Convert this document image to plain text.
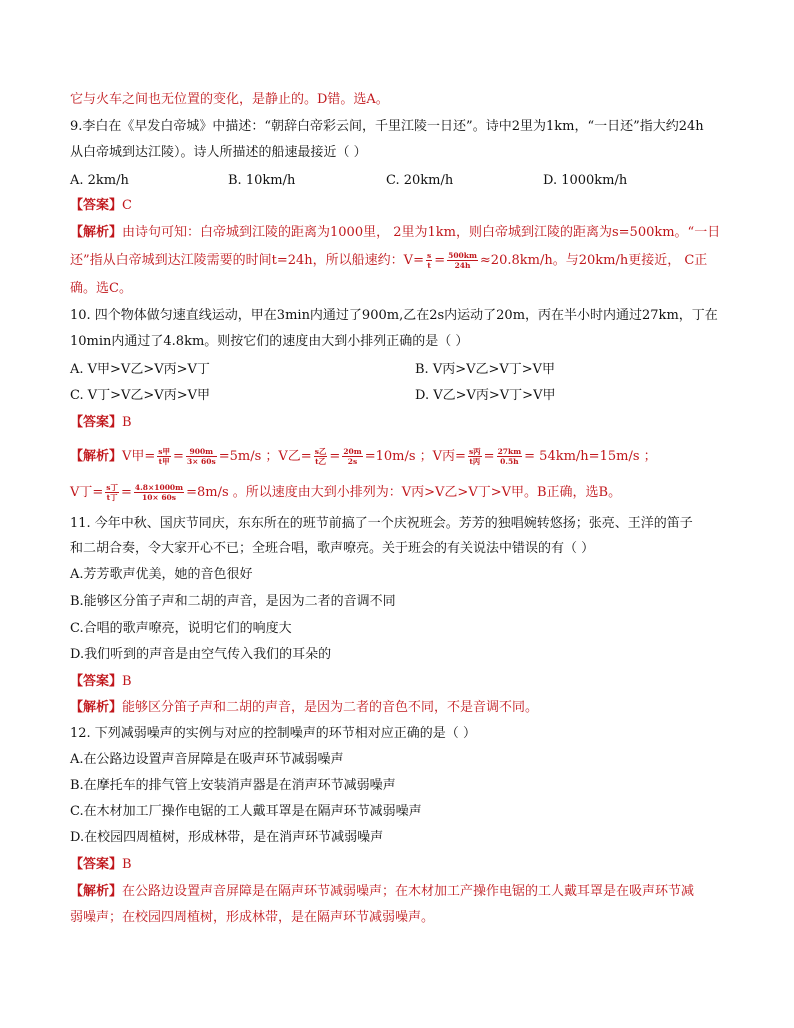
它与火车之间也无位置的变化，是静止的。D错。选A。
9.李白在《早发白帝城》中描述：“朝辞白帝彩云间，千里江陵一日还”。诗中2里为1km，“一日还”指大约24h
从白帝城到达江陵）。诗人所描述的船速最接近（ ）
A. 2km/h	B. 10km/h	C. 20km/h	D. 1000km/h
【答案】C
【解析】由诗句可知：白帝城到江陵的距离为1000里， 2里为1km，则白帝城到江陵的距离为s=500km。“一日
还”指从白帝城到达江陵需要的时间t=24h，所以船速约：$V= \frac{s}{t} = \frac{500km}{24h} \approx 20.8km/h$。与20km/h更接近， C正
确。选C。
10. 四个物体做匀速直线运动，甲在3min内通过了900m,乙在2s内运动了20m，丙在半小时内通过27km，丁在
10min内通过了4.8km。则按它们的速度由大到小排列正确的是（ ）
A. V甲>V乙>V丙>V丁	B. V丙>V乙>V丁>V甲
C. V丁>V乙>V丙>V甲	D. V乙>V丙>V丁>V甲
【答案】B
【解析】V甲= $\frac{\text{s甲}}{\text{t甲}} = \frac{900m}{3\times 60s} =5m/s$ ；V乙= $\frac{\text{s乙}}{\text{t乙}} = \frac{20m}{2s} =10m/s$ ；V丙= $\frac{\text{s丙}}{\text{t丙}} = \frac{27km}{0.5h} = 54km/h=15m/s$ ；
V丁= $\frac{\text{s丁}}{\text{t丁}} = \frac{4.8\times 1000m}{10\times 60s} =8m/s$ 。所以速度由大到小排列为：V丙>V乙>V丁>V甲。B正确，选B。
11. 今年中秋、国庆节同庆，东东所在的班节前搞了一个庆祝班会。芳芳的独唱婉转悠扬；张亮、王洋的笛子
和二胡合奏，令大家开心不已；全班合唱，歌声嘹亮。关于班会的有关说法中错误的有（ ）
A.芳芳歌声优美，她的音色很好
B.能够区分笛子声和二胡的声音，是因为二者的音调不同
C.合唱的歌声嘹亮，说明它们的响度大
D.我们听到的声音是由空气传入我们的耳朵的
【答案】B
【解析】能够区分笛子声和二胡的声音，是因为二者的音色不同，不是音调不同。
12. 下列减弱噪声的实例与对应的控制噪声的环节相对应正确的是（ ）
A.在公路边设置声音屏障是在吸声环节减弱噪声
B.在摩托车的排气管上安装消声器是在消声环节减弱噪声
C.在木材加工厂操作电锯的工人戴耳罩是在隔声环节减弱噪声
D.在校园四周植树，形成林带，是在消声环节减弱噪声
【答案】B
【解析】在公路边设置声音屏障是在隔声环节减弱噪声；在木材加工产操作电锯的工人戴耳罩是在吸声环节减
弱噪声；在校园四周植树，形成林带，是在隔声环节减弱噪声。
